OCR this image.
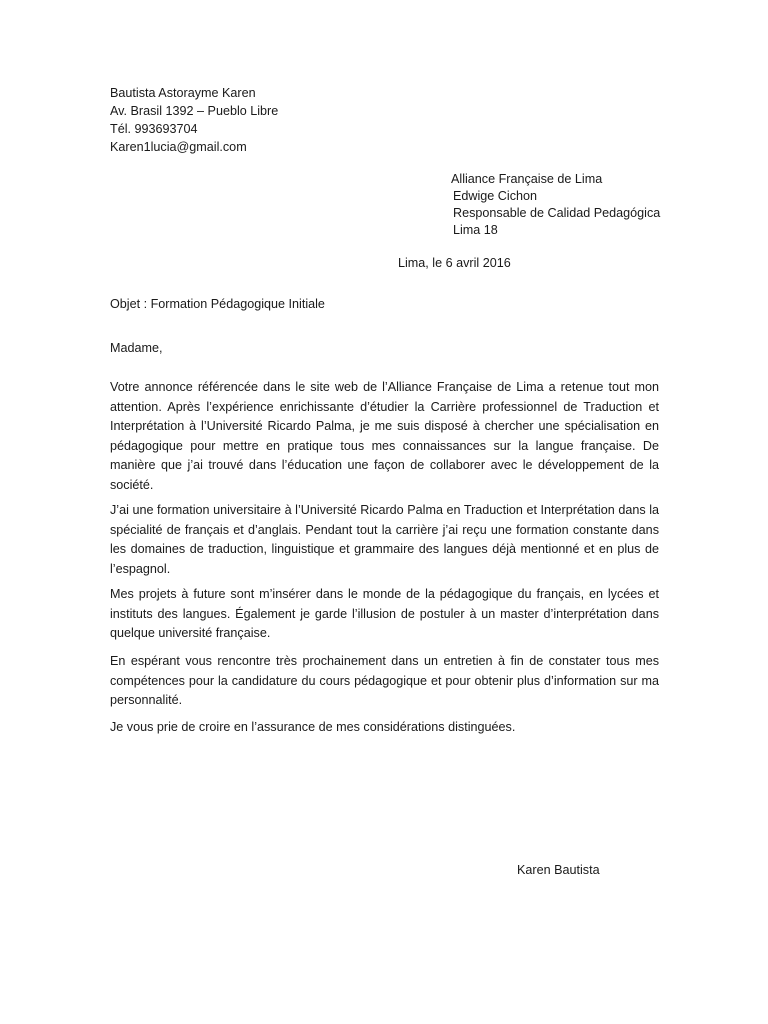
Bautista Astorayme Karen
Av. Brasil 1392 – Pueblo Libre
Tél. 993693704
Karen1lucia@gmail.com
Alliance Française de Lima
Edwige Cichon
Responsable de Calidad Pedagógica
Lima 18
Lima, le 6 avril 2016
Objet : Formation Pédagogique Initiale
Madame,

Votre annonce référencée dans le site web de l’Alliance Française de Lima a retenue tout mon attention. Après l’expérience enrichissante d’étudier la Carrière professionnel de Traduction et Interprétation à l’Université Ricardo Palma, je me suis disposé à chercher une spécialisation en pédagogique pour mettre en pratique tous mes connaissances sur la langue française. De manière que j’ai trouvé dans l’éducation une façon de collaborer avec le développement de la société.

J’ai une formation universitaire à l’Université Ricardo Palma en Traduction et Interprétation dans la spécialité de français et d’anglais. Pendant tout la carrière j’ai reçu une formation constante dans les domaines de traduction, linguistique et grammaire des langues déjà mentionné et en plus de l’espagnol.

Mes projets à future sont m’insérer dans le monde de la pédagogique du français, en lycées et instituts des langues. Également je garde l’illusion de postuler à un master d’interprétation dans quelque université française.

En espérant vous rencontre très prochainement dans un entretien à fin de constater tous mes compétences pour la candidature du cours pédagogique et pour obtenir plus d’information sur ma personnalité.

Je vous prie de croire en l’assurance de mes considérations distinguées.

Karen Bautista
